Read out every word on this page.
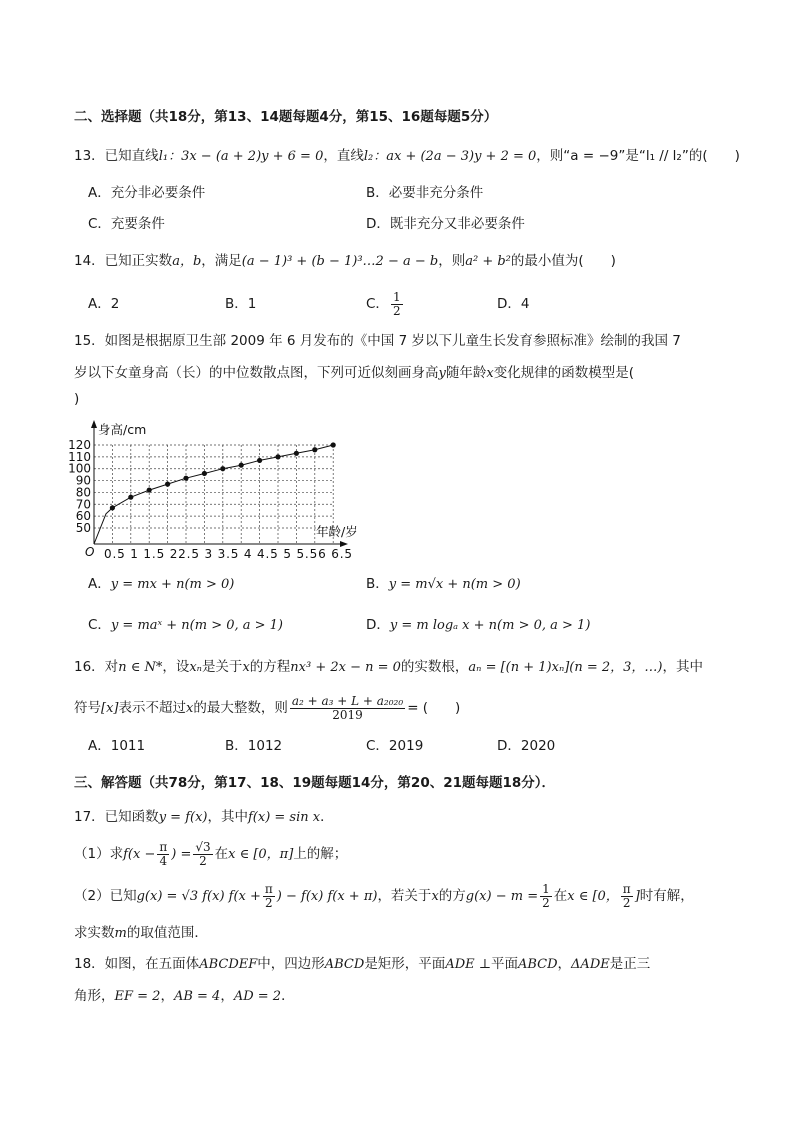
二、选择题（共18分，第13、14题每题4分，第15、16题每题5分）
13．已知直线l₁：3x − (a + 2)y + 6 = 0，直线l₂：ax + (2a − 3)y + 2 = 0，则“a = −9”是“l₁ // l₂”的(　　)
A．充分非必要条件	B．必要非充分条件
C．充要条件	D．既非充分又非必要条件
14．已知正实数a，b，满足(a − 1)³ + (b − 1)³…2 − a − b，则a² + b²的最小值为(　　)
A．2	B．1	C． $\frac{1}{2}$	D．4
15．如图是根据原卫生部 2009 年 6 月发布的《中国 7 岁以下儿童生长发育参照标准》绘制的我国 7
岁以下女童身高（长）的中位数散点图，下列可近似刻画身高y随年龄x变化规律的函数模型是(
)
50
60
70
80
90
100
110
120
0.5 1 1.5 22.5 3 3.5 4 4.5 5 5.56 6.5
O
身高/cm
年龄/岁
A．y = mx + n(m > 0)	B．y = m√x + n(m > 0)
C．y = maˣ + n(m > 0, a > 1)	D．y = m logₐ x + n(m > 0, a > 1)
16．对n ∈ N*，设xₙ是关于x的方程nx³ + 2x − n = 0的实数根，aₙ = [(n + 1)xₙ](n = 2，3，…)，其中
符号[x]表示不超过x的最大整数，则 $\frac{\text{a₂ + a₃ + L + a₂₀₂₀}}{2019}$ = (　　)
A．1011	B．1012	C．2019	D．2020
三、解答题（共78分，第17、18、19题每题14分，第20、21题每题18分）．
17．已知函数y = f(x)，其中f(x) = sin x．
（1）求$f(x - \frac{\pi}{4}$ ) = $\frac{√3}{2}$ 在x ∈ [0，π]上的解；
（2）已知g(x) = √3 f(x) $f(x + \frac{\pi}{2}$ ) − f(x) f(x + π)，若关于x的方$g(x) - m = \frac{1}{2}$ 在x ∈ [0， $\frac{\pi}{2}$ ]时有解，
求实数m的取值范围．
18．如图，在五面体ABCDEF中，四边形ABCD是矩形，平面ADE ⊥平面ABCD，ΔADE是正三
角形，EF = 2，AB = 4，AD = 2．
